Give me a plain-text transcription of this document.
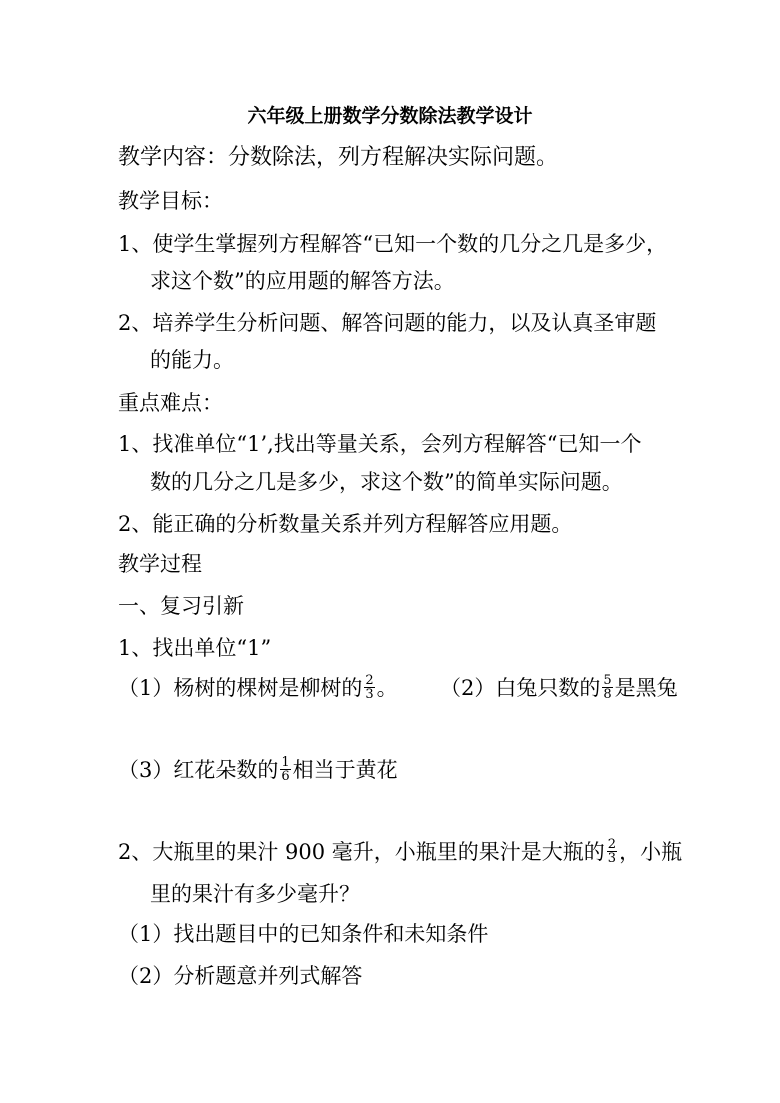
六年级上册数学分数除法教学设计
教学内容：分数除法，列方程解决实际问题。
教学目标：
1、使学生掌握列方程解答“已知一个数的几分之几是多少，
求这个数”的应用题的解答方法。
2、培养学生分析问题、解答问题的能力，以及认真圣审题
的能力。
重点难点：
1、找准单位“1’,找出等量关系，会列方程解答“已知一个
数的几分之几是多少，求这个数”的简单实际问题。
2、能正确的分析数量关系并列方程解答应用题。
教学过程
一、复习引新
1、找出单位“1”
（1）杨树的棵树是柳树的 $\frac{2}{3}$ 。 （2）白兔只数的 $\frac{5}{8}$ 是黑兔
（3）红花朵数的 $\frac{1}{6}$ 相当于黄花
2、大瓶里的果汁 900 毫升，小瓶里的果汁是大瓶的 $\frac{2}{3}$ ，小瓶
里的果汁有多少毫升？
（1）找出题目中的已知条件和未知条件
（2）分析题意并列式解答
